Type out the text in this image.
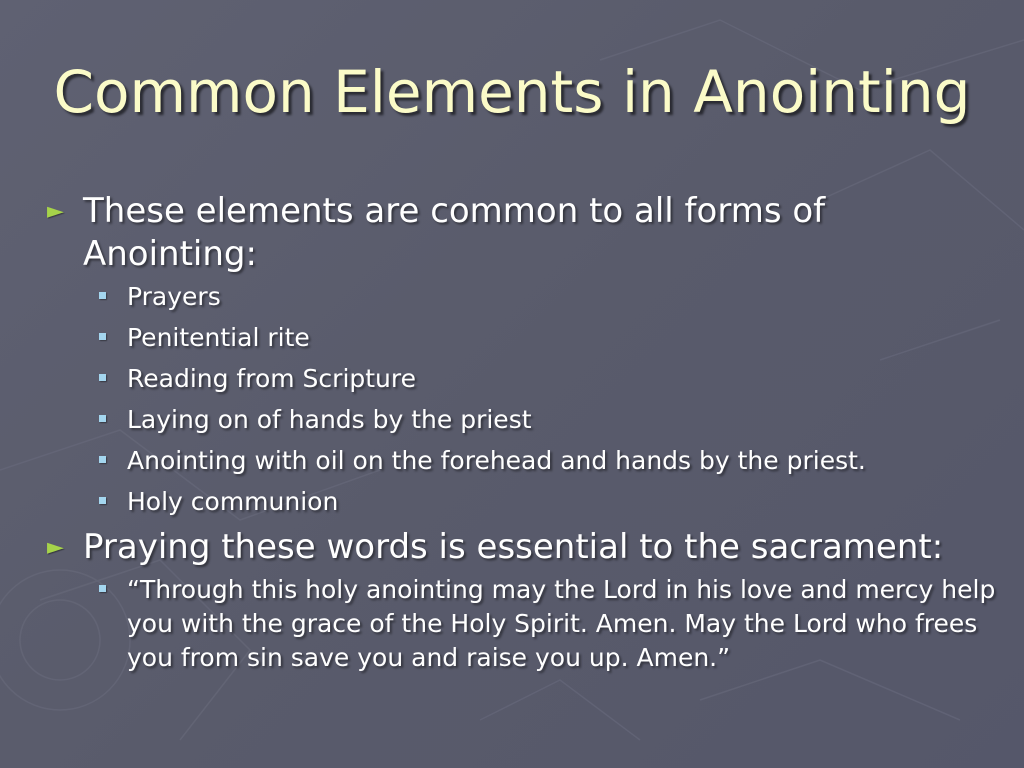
Common Elements in Anointing

► These elements are common to all forms of Anointing:

Prayers
Penitential rite
Reading from Scripture
Laying on of hands by the priest
Anointing with oil on the forehead and hands by the priest.
Holy communion

► Praying these words is essential to the sacrament:

“Through this holy anointing may the Lord in his love and mercy help you with the grace of the Holy Spirit. Amen. May the Lord who frees you from sin save you and raise you up. Amen.”
